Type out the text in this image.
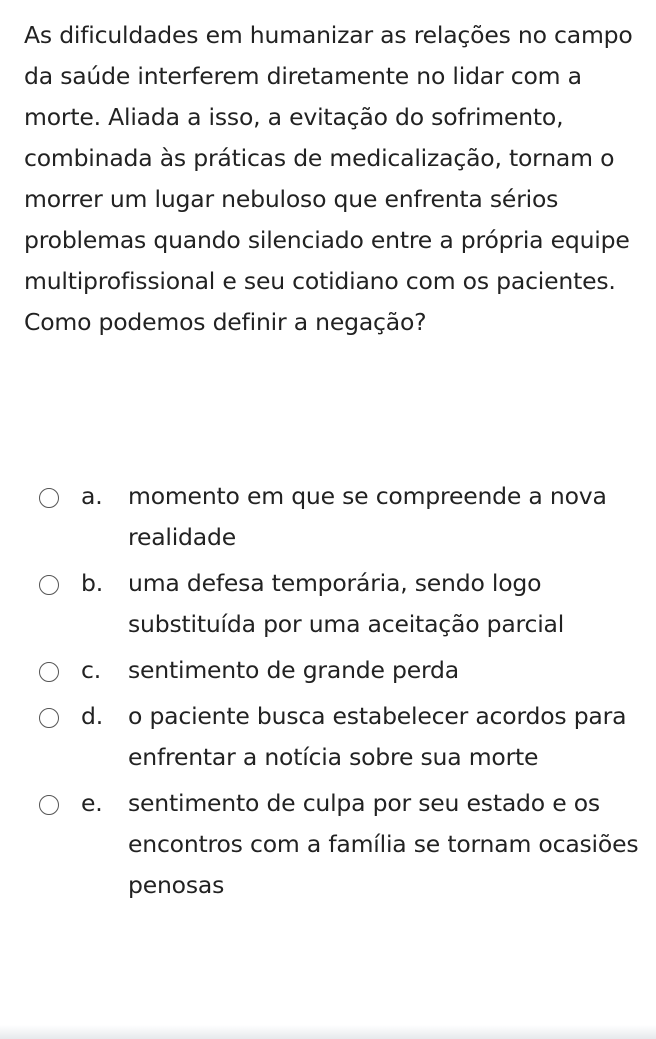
As dificuldades em humanizar as relações no campo da saúde interferem diretamente no lidar com a morte. Aliada a isso, a evitação do sofrimento, combinada às práticas de medicalização, tornam o morrer um lugar nebuloso que enfrenta sérios problemas quando silenciado entre a própria equipe multiprofissional e seu cotidiano com os pacientes. Como podemos definir a negação?

a. momento em que se compreende a nova realidade
b. uma defesa temporária, sendo logo substituída por uma aceitação parcial
c. sentimento de grande perda
d. o paciente busca estabelecer acordos para enfrentar a notícia sobre sua morte
e. sentimento de culpa por seu estado e os encontros com a família se tornam ocasiões penosas
